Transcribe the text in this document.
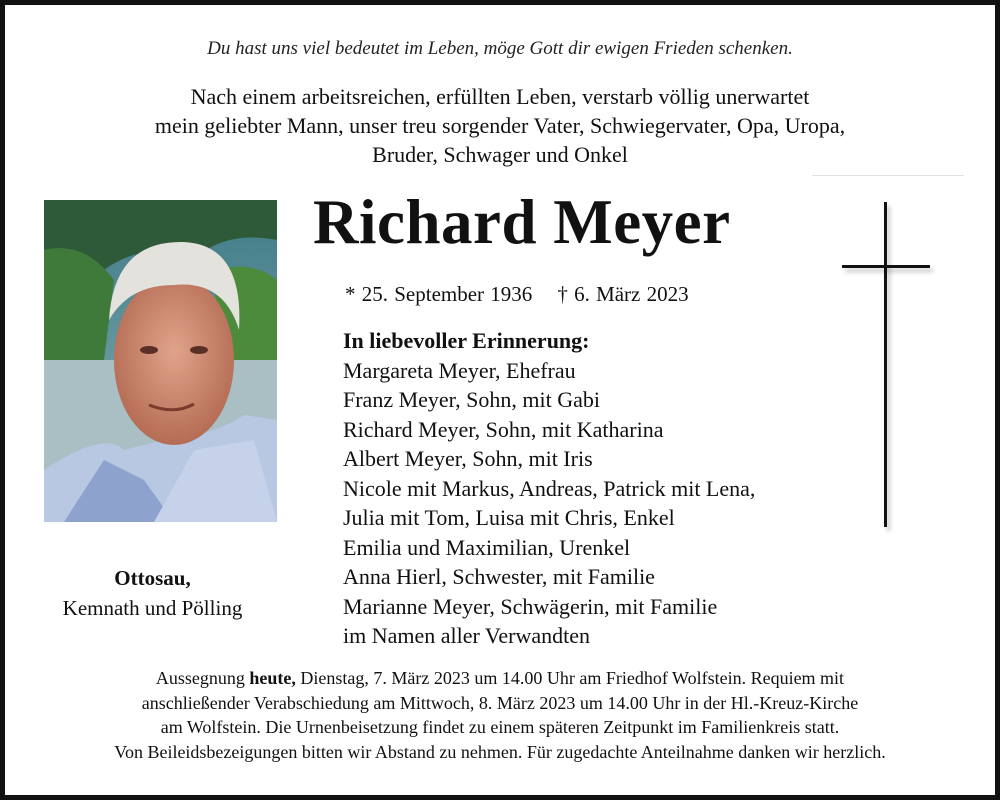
Du hast uns viel bedeutet im Leben, möge Gott dir ewigen Frieden schenken.
Nach einem arbeitsreichen, erfüllten Leben, verstarb völlig unerwartet
mein geliebter Mann, unser treu sorgender Vater, Schwiegervater, Opa, Uropa,
Bruder, Schwager und Onkel
Richard Meyer
* 25. September 1936 † 6. März 2023
In liebevoller Erinnerung:
Margareta Meyer, Ehefrau
Franz Meyer, Sohn, mit Gabi
Richard Meyer, Sohn, mit Katharina
Albert Meyer, Sohn, mit Iris
Nicole mit Markus, Andreas, Patrick mit Lena,
Julia mit Tom, Luisa mit Chris, Enkel
Emilia und Maximilian, Urenkel
Anna Hierl, Schwester, mit Familie
Marianne Meyer, Schwägerin, mit Familie
im Namen aller Verwandten
Ottosau,
Kemnath und Pölling
Aussegnung heute, Dienstag, 7. März 2023 um 14.00 Uhr am Friedhof Wolfstein. Requiem mit
anschließender Verabschiedung am Mittwoch, 8. März 2023 um 14.00 Uhr in der Hl.-Kreuz-Kirche
am Wolfstein. Die Urnenbeisetzung findet zu einem späteren Zeitpunkt im Familienkreis statt.
Von Beileidsbezeigungen bitten wir Abstand zu nehmen. Für zugedachte Anteilnahme danken wir herzlich.
